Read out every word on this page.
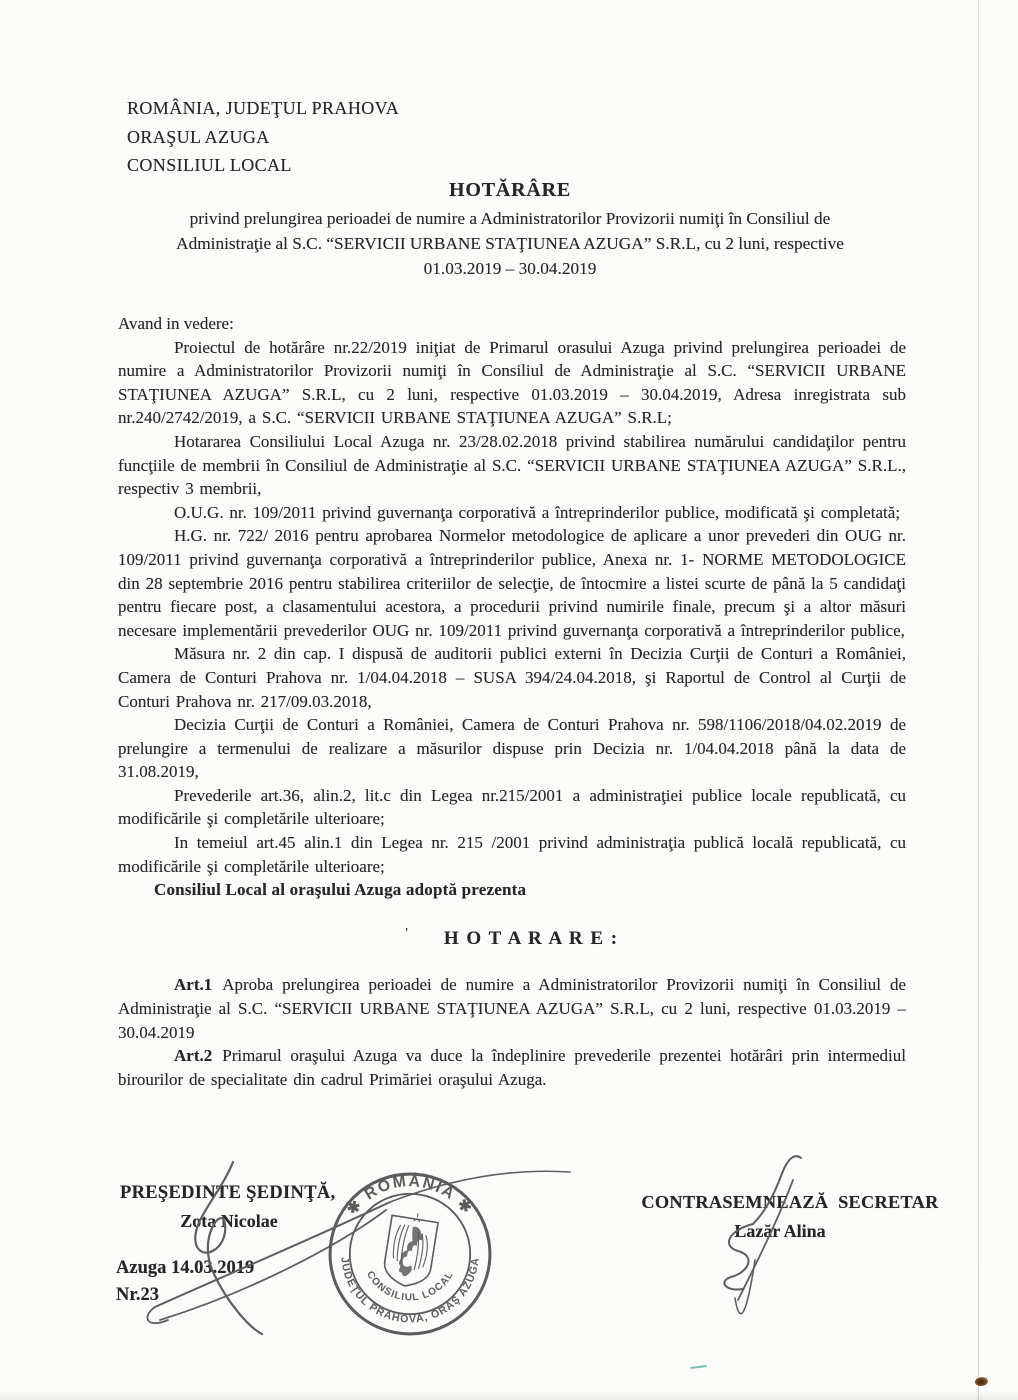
ROMÂNIA, JUDEŢUL PRAHOVA
ORAŞUL AZUGA
CONSILIUL LOCAL
HOTĂRÂRE
privind prelungirea perioadei de numire a Administratorilor Provizorii numiţi în Consiliul de
Administraţie al S.C. “SERVICII URBANE STAŢIUNEA AZUGA” S.R.L, cu 2 luni, respective
01.03.2019 – 30.04.2019

Avand in vedere:

Proiectul de hotărâre nr.22/2019 iniţiat de Primarul orasului Azuga privind prelungirea perioadei de numire a Administratorilor Provizorii numiţi în Consiliul de Administraţie al S.C. “SERVICII URBANE STAŢIUNEA AZUGA” S.R.L, cu 2 luni, respective 01.03.2019 – 30.04.2019, Adresa inregistrata sub nr.240/2742/2019, a S.C. “SERVICII URBANE STAŢIUNEA AZUGA” S.R.L;

Hotararea Consiliului Local Azuga nr. 23/28.02.2018 privind stabilirea numărului candidaţilor pentru funcţiile de membrii în Consiliul de Administraţie al S.C. “SERVICII URBANE STAŢIUNEA AZUGA” S.R.L., respectiv 3 membrii,

O.U.G. nr. 109/2011 privind guvernanţa corporativă a întreprinderilor publice, modificată şi completată;

H.G. nr. 722/ 2016 pentru aprobarea Normelor metodologice de aplicare a unor prevederi din OUG nr. 109/2011 privind guvernanţa corporativă a întreprinderilor publice, Anexa nr. 1- NORME METODOLOGICE din 28 septembrie 2016 pentru stabilirea criteriilor de selecţie, de întocmire a listei scurte de până la 5 candidaţi pentru fiecare post, a clasamentului acestora, a procedurii privind numirile finale, precum şi a altor măsuri necesare implementării prevederilor OUG nr. 109/2011 privind guvernanţa corporativă a întreprinderilor publice,

Măsura nr. 2 din cap. I dispusă de auditorii publici externi în Decizia Curţii de Conturi a României, Camera de Conturi Prahova nr. 1/04.04.2018 – SUSA 394/24.04.2018, şi Raportul de Control al Curţii de Conturi Prahova nr. 217/09.03.2018,

Decizia Curţii de Conturi a României, Camera de Conturi Prahova nr. 598/1106/2018/04.02.2019 de prelungire a termenului de realizare a măsurilor dispuse prin Decizia nr. 1/04.04.2018 până la data de 31.08.2019,

Prevederile art.36, alin.2, lit.c din Legea nr.215/2001 a administraţiei publice locale republicată, cu modificările şi completările ulterioare;

In temeiul art.45 alin.1 din Legea nr. 215 /2001 privind administraţia publică locală republicată, cu modificările şi completările ulterioare;

Consiliul Local al oraşului Azuga adoptă prezenta

' H O T A R A R E :

Art.1 Aproba prelungirea perioadei de numire a Administratorilor Provizorii numiţi în Consiliul de Administraţie al S.C. “SERVICII URBANE STAŢIUNEA AZUGA” S.R.L, cu 2 luni, respective 01.03.2019 – 30.04.2019

Art.2 Primarul oraşului Azuga va duce la îndeplinire prevederile prezentei hotărâri prin intermediul birourilor de specialitate din cadrul Primăriei oraşului Azuga.

PREŞEDINTE ŞEDINŢĂ,
Zota Nicolae
Azuga 14.03.2019
Nr.23
CONTRASEMNEAZĂ  SECRETAR
Lazăr Alina
✱ ROMÂNIA ✱
JUDEŢUL PRAHOVA, ORAŞ AZUGA
CONSILIUL LOCAL
